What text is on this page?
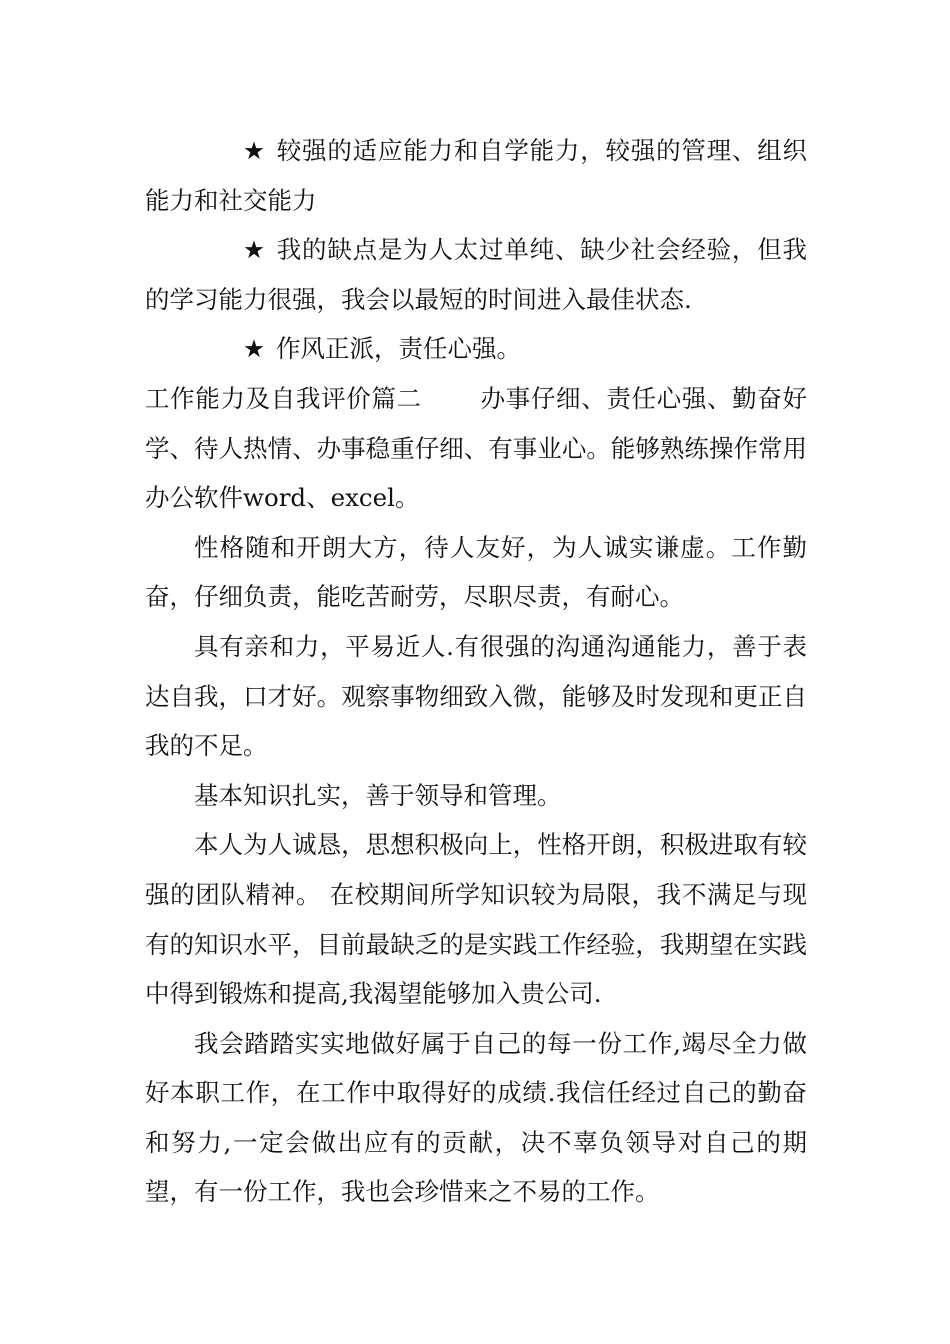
★ 较强的适应能力和自学能力，较强的管理、组织能力和社交能力

★ 我的缺点是为人太过单纯、缺少社会经验，但我的学习能力很强，我会以最短的时间进入最佳状态.

★ 作风正派，责任心强。

工作能力及自我评价篇二 办事仔细、责任心强、勤奋好学、待人热情、办事稳重仔细、有事业心。能够熟练操作常用办公软件word、excel。

性格随和开朗大方，待人友好，为人诚实谦虚。工作勤奋，仔细负责，能吃苦耐劳，尽职尽责，有耐心。

具有亲和力，平易近人.有很强的沟通沟通能力，善于表达自我，口才好。观察事物细致入微，能够及时发现和更正自我的不足。

基本知识扎实，善于领导和管理。

本人为人诚恳，思想积极向上，性格开朗，积极进取有较强的团队精神。 在校期间所学知识较为局限，我不满足与现有的知识水平，目前最缺乏的是实践工作经验，我期望在实践中得到锻炼和提高,我渴望能够加入贵公司.

我会踏踏实实地做好属于自己的每一份工作,竭尽全力做好本职工作，在工作中取得好的成绩.我信任经过自己的勤奋和努力,一定会做出应有的贡献，决不辜负领导对自己的期望，有一份工作，我也会珍惜来之不易的工作。
